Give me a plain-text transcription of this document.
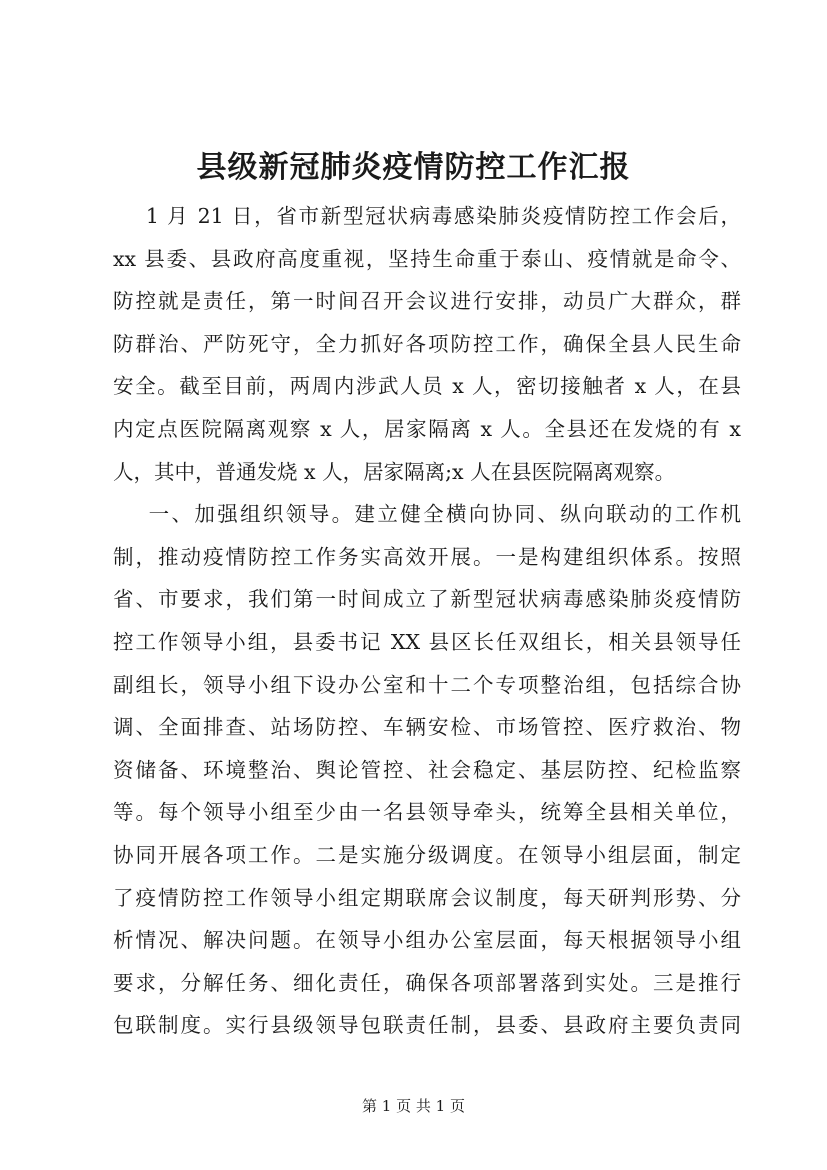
县级新冠肺炎疫情防控工作汇报
1 月 21 日，省市新型冠状病毒感染肺炎疫情防控工作会后，
xx 县委、县政府高度重视，坚持生命重于泰山、疫情就是命令、
防控就是责任，第一时间召开会议进行安排，动员广大群众，群
防群治、严防死守，全力抓好各项防控工作，确保全县人民生命
安全。截至目前，两周内涉武人员 x 人，密切接触者 x 人，在县
内定点医院隔离观察 x 人，居家隔离 x 人。全县还在发烧的有 x
人，其中，普通发烧 x 人，居家隔离;x 人在县医院隔离观察。
一、加强组织领导。建立健全横向协同、纵向联动的工作机
制，推动疫情防控工作务实高效开展。一是构建组织体系。按照
省、市要求，我们第一时间成立了新型冠状病毒感染肺炎疫情防
控工作领导小组，县委书记 XX 县区长任双组长，相关县领导任
副组长，领导小组下设办公室和十二个专项整治组，包括综合协
调、全面排查、站场防控、车辆安检、市场管控、医疗救治、物
资储备、环境整治、舆论管控、社会稳定、基层防控、纪检监察
等。每个领导小组至少由一名县领导牵头，统筹全县相关单位，
协同开展各项工作。二是实施分级调度。在领导小组层面，制定
了疫情防控工作领导小组定期联席会议制度，每天研判形势、分
析情况、解决问题。在领导小组办公室层面，每天根据领导小组
要求，分解任务、细化责任，确保各项部署落到实处。三是推行
包联制度。实行县级领导包联责任制，县委、县政府主要负责同
第 1 页 共 1 页
